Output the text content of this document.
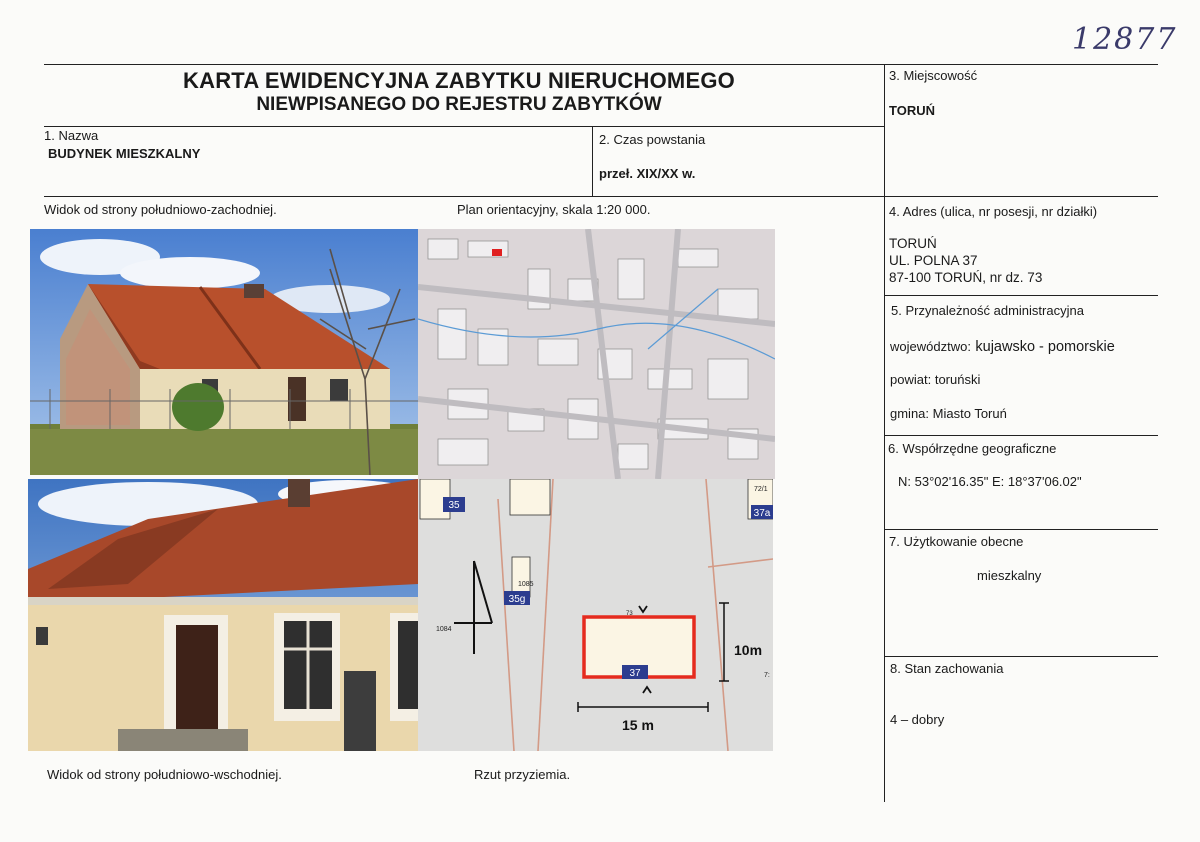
12877
KARTA EWIDENCYJNA ZABYTKU NIERUCHOMEGO
NIEWPISANEGO DO REJESTRU ZABYTKÓW
1. Nazwa
BUDYNEK MIESZKALNY
2. Czas powstania
przeł. XIX/XX w.
3. Miejscowość
TORUŃ
4. Adres (ulica, nr posesji, nr działki)
TORUŃ
UL. POLNA 37
87-100 TORUŃ, nr dz. 73
5. Przynależność administracyjna
województwo: kujawsko - pomorskie
powiat: toruński
gmina: Miasto Toruń
6. Współrzędne geograficzne
N: 53°02'16.35" E: 18°37'06.02"
7. Użytkowanie obecne
mieszkalny
8. Stan zachowania
4 – dobry
Widok od strony południowo-zachodniej.	Plan orientacyjny, skala 1:20 000.
Widok od strony południowo-wschodniej.	Rzut przyziemia.
35
35g
37
37a
1085
1084
72/1
73
7:
10m
15 m
